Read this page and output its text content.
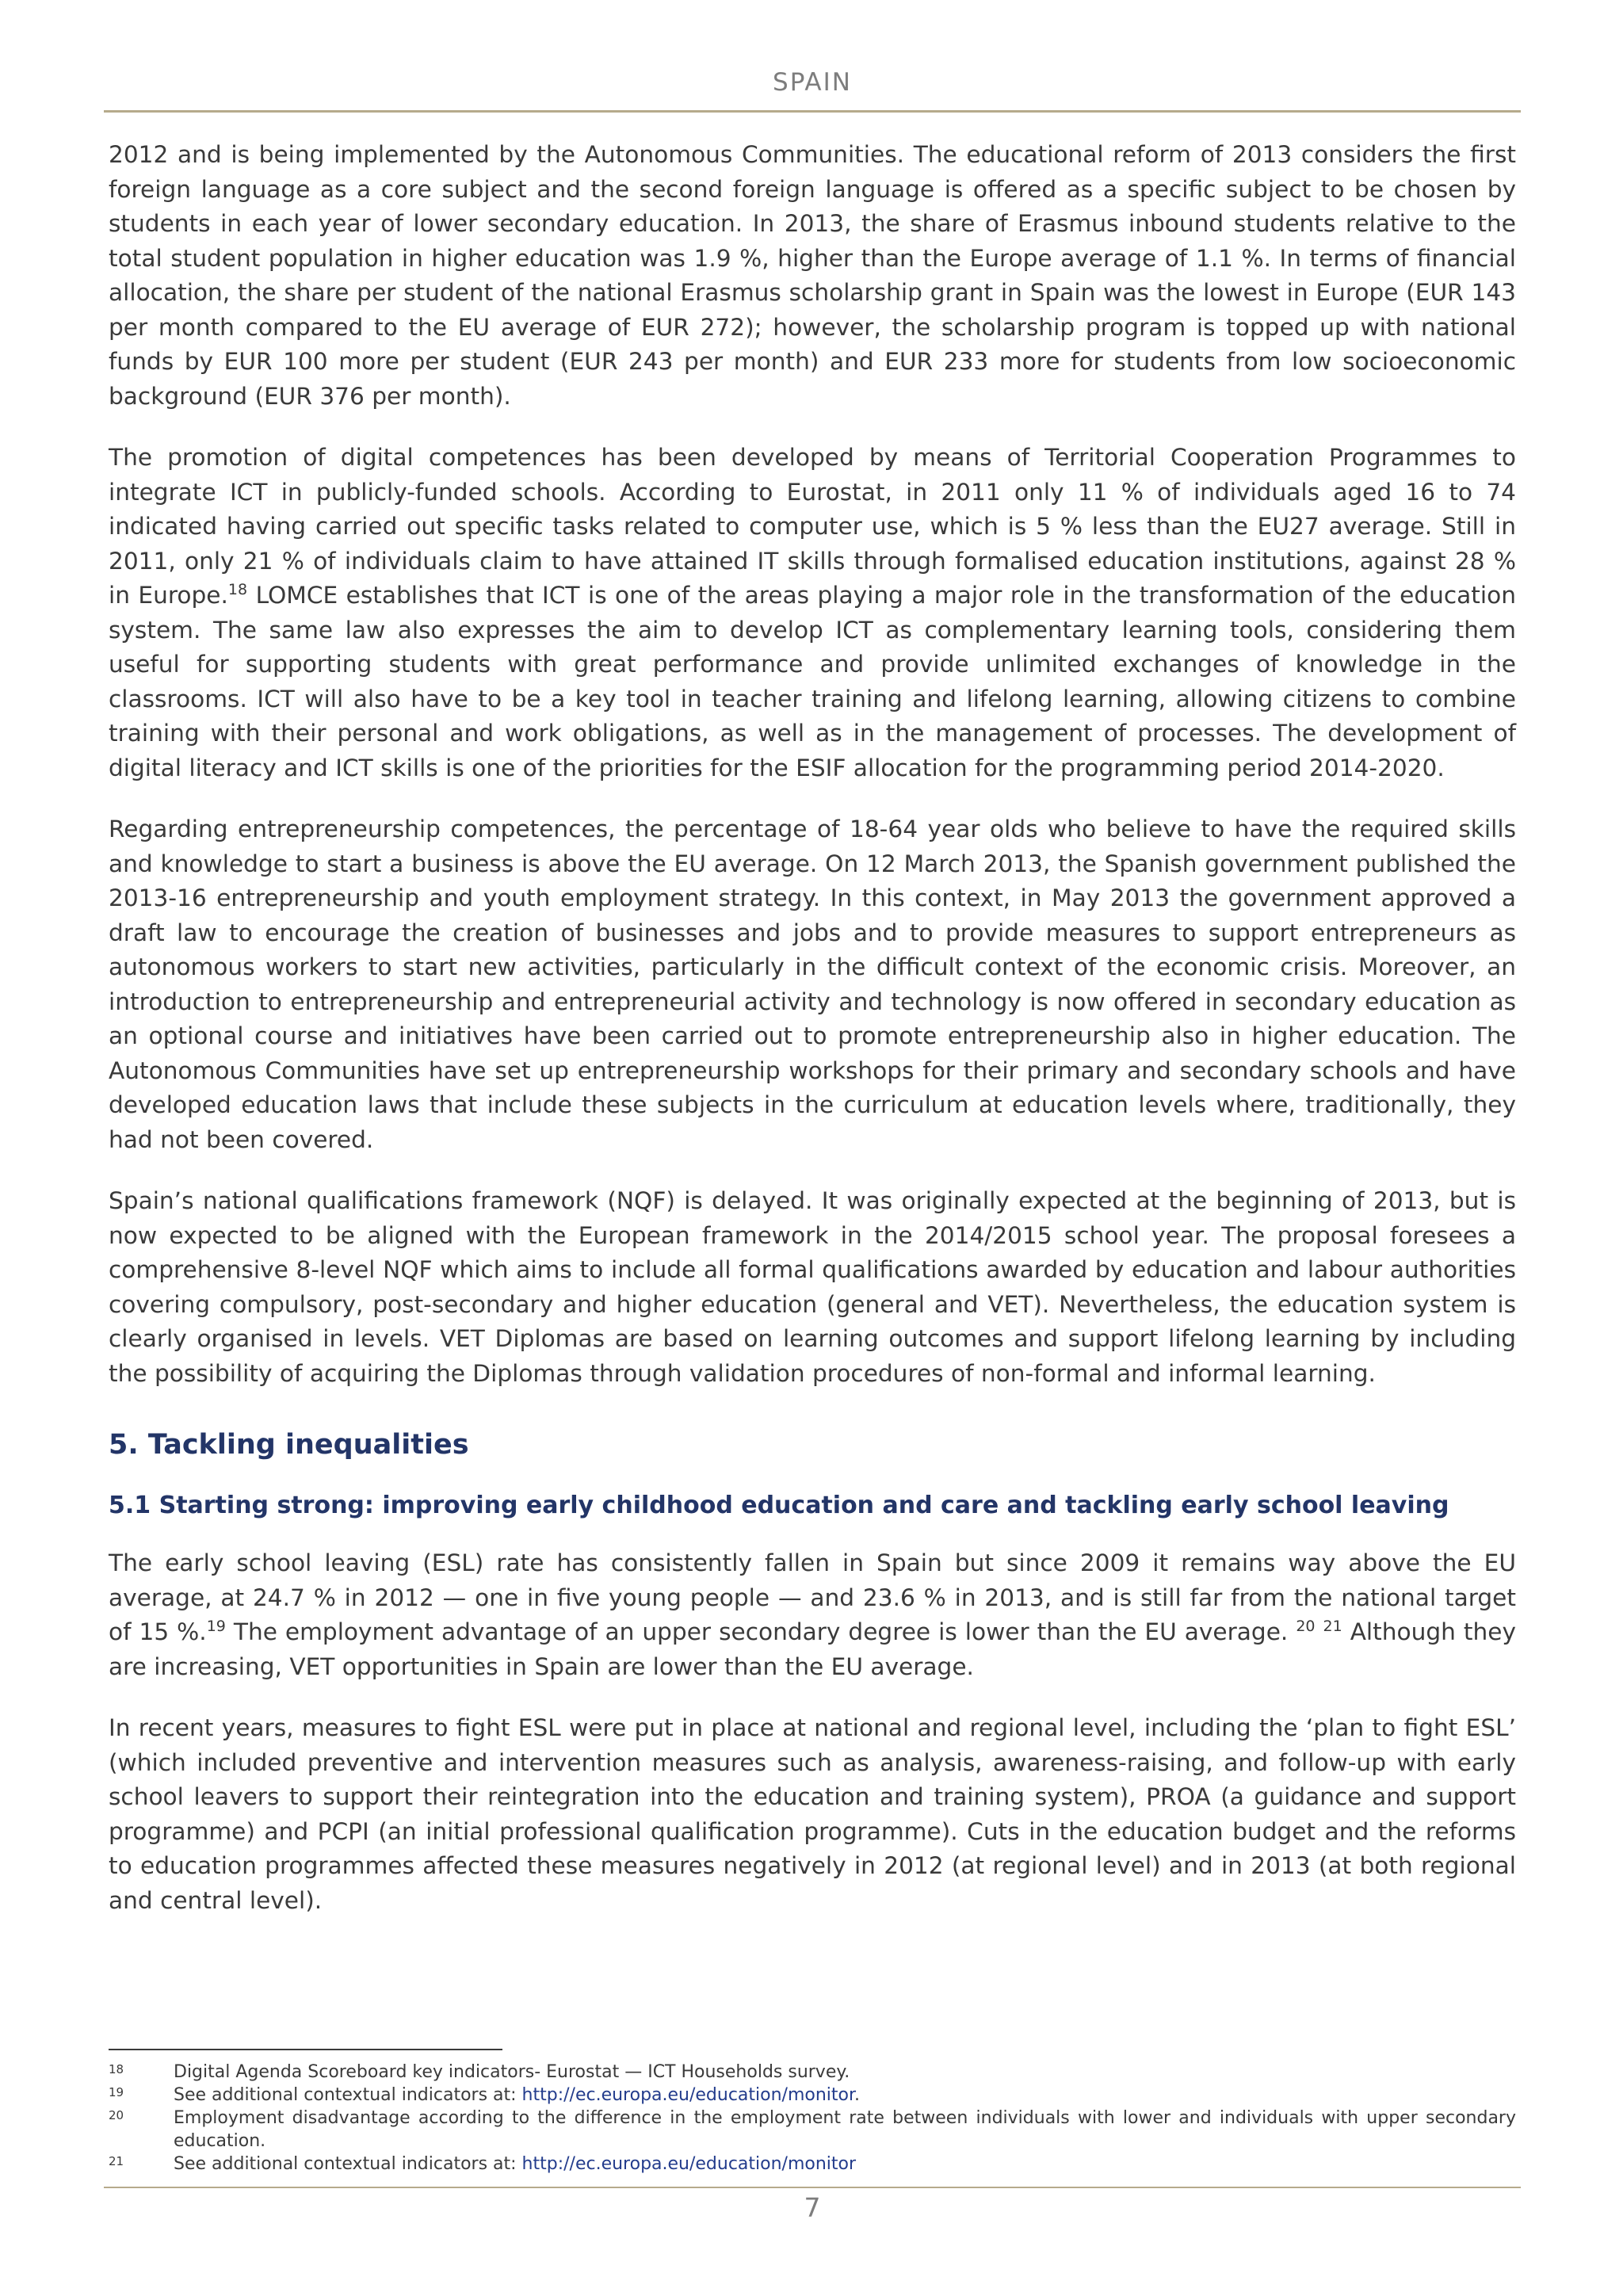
SPAIN

2012 and is being implemented by the Autonomous Communities. The educational reform of 2013 considers the first foreign language as a core subject and the second foreign language is offered as a specific subject to be chosen by students in each year of lower secondary education. In 2013, the share of Erasmus inbound students relative to the total student population in higher education was 1.9 %, higher than the Europe average of 1.1 %. In terms of financial allocation, the share per student of the national Erasmus scholarship grant in Spain was the lowest in Europe (EUR 143 per month compared to the EU average of EUR 272); however, the scholarship program is topped up with national funds by EUR 100 more per student (EUR 243 per month) and EUR 233 more for students from low socioeconomic background (EUR 376 per month).

The promotion of digital competences has been developed by means of Territorial Cooperation Programmes to integrate ICT in publicly-funded schools. According to Eurostat, in 2011 only 11 % of individuals aged 16 to 74 indicated having carried out specific tasks related to computer use, which is 5 % less than the EU27 average. Still in 2011, only 21 % of individuals claim to have attained IT skills through formalised education institutions, against 28 % in Europe.$^{18}$ LOMCE establishes that ICT is one of the areas playing a major role in the transformation of the education system. The same law also expresses the aim to develop ICT as complementary learning tools, considering them useful for supporting students with great performance and provide unlimited exchanges of knowledge in the classrooms. ICT will also have to be a key tool in teacher training and lifelong learning, allowing citizens to combine training with their personal and work obligations, as well as in the management of processes. The development of digital literacy and ICT skills is one of the priorities for the ESIF allocation for the programming period 2014-2020.

Regarding entrepreneurship competences, the percentage of 18-64 year olds who believe to have the required skills and knowledge to start a business is above the EU average. On 12 March 2013, the Spanish government published the 2013-16 entrepreneurship and youth employment strategy. In this context, in May 2013 the government approved a draft law to encourage the creation of businesses and jobs and to provide measures to support entrepreneurs as autonomous workers to start new activities, particularly in the difficult context of the economic crisis. Moreover, an introduction to entrepreneurship and entrepreneurial activity and technology is now offered in secondary education as an optional course and initiatives have been carried out to promote entrepreneurship also in higher education. The Autonomous Communities have set up entrepreneurship workshops for their primary and secondary schools and have developed education laws that include these subjects in the curriculum at education levels where, traditionally, they had not been covered.

Spain’s national qualifications framework (NQF) is delayed. It was originally expected at the beginning of 2013, but is now expected to be aligned with the European framework in the 2014/2015 school year. The proposal foresees a comprehensive 8-level NQF which aims to include all formal qualifications awarded by education and labour authorities covering compulsory, post-secondary and higher education (general and VET). Nevertheless, the education system is clearly organised in levels. VET Diplomas are based on learning outcomes and support lifelong learning by including the possibility of acquiring the Diplomas through validation procedures of non-formal and informal learning.

5. Tackling inequalities
5.1 Starting strong: improving early childhood education and care and tackling early school leaving

The early school leaving (ESL) rate has consistently fallen in Spain but since 2009 it remains way above the EU average, at 24.7 % in 2012 — one in five young people — and 23.6 % in 2013, and is still far from the national target of 15 %.$^{19}$ The employment advantage of an upper secondary degree is lower than the EU average. $^{20}$ $^{21}$ Although they are increasing, VET opportunities in Spain are lower than the EU average.

In recent years, measures to fight ESL were put in place at national and regional level, including the ‘plan to fight ESL’ (which included preventive and intervention measures such as analysis, awareness-raising, and follow-up with early school leavers to support their reintegration into the education and training system), PROA (a guidance and support programme) and PCPI (an initial professional qualification programme). Cuts in the education budget and the reforms to education programmes affected these measures negatively in 2012 (at regional level) and in 2013 (at both regional and central level).

18	Digital Agenda Scoreboard key indicators- Eurostat — ICT Households survey.
19	See additional contextual indicators at: http://ec.europa.eu/education/monitor.
20	Employment disadvantage according to the difference in the employment rate between individuals with lower and individuals with upper secondary education.
21	See additional contextual indicators at: http://ec.europa.eu/education/monitor
7
